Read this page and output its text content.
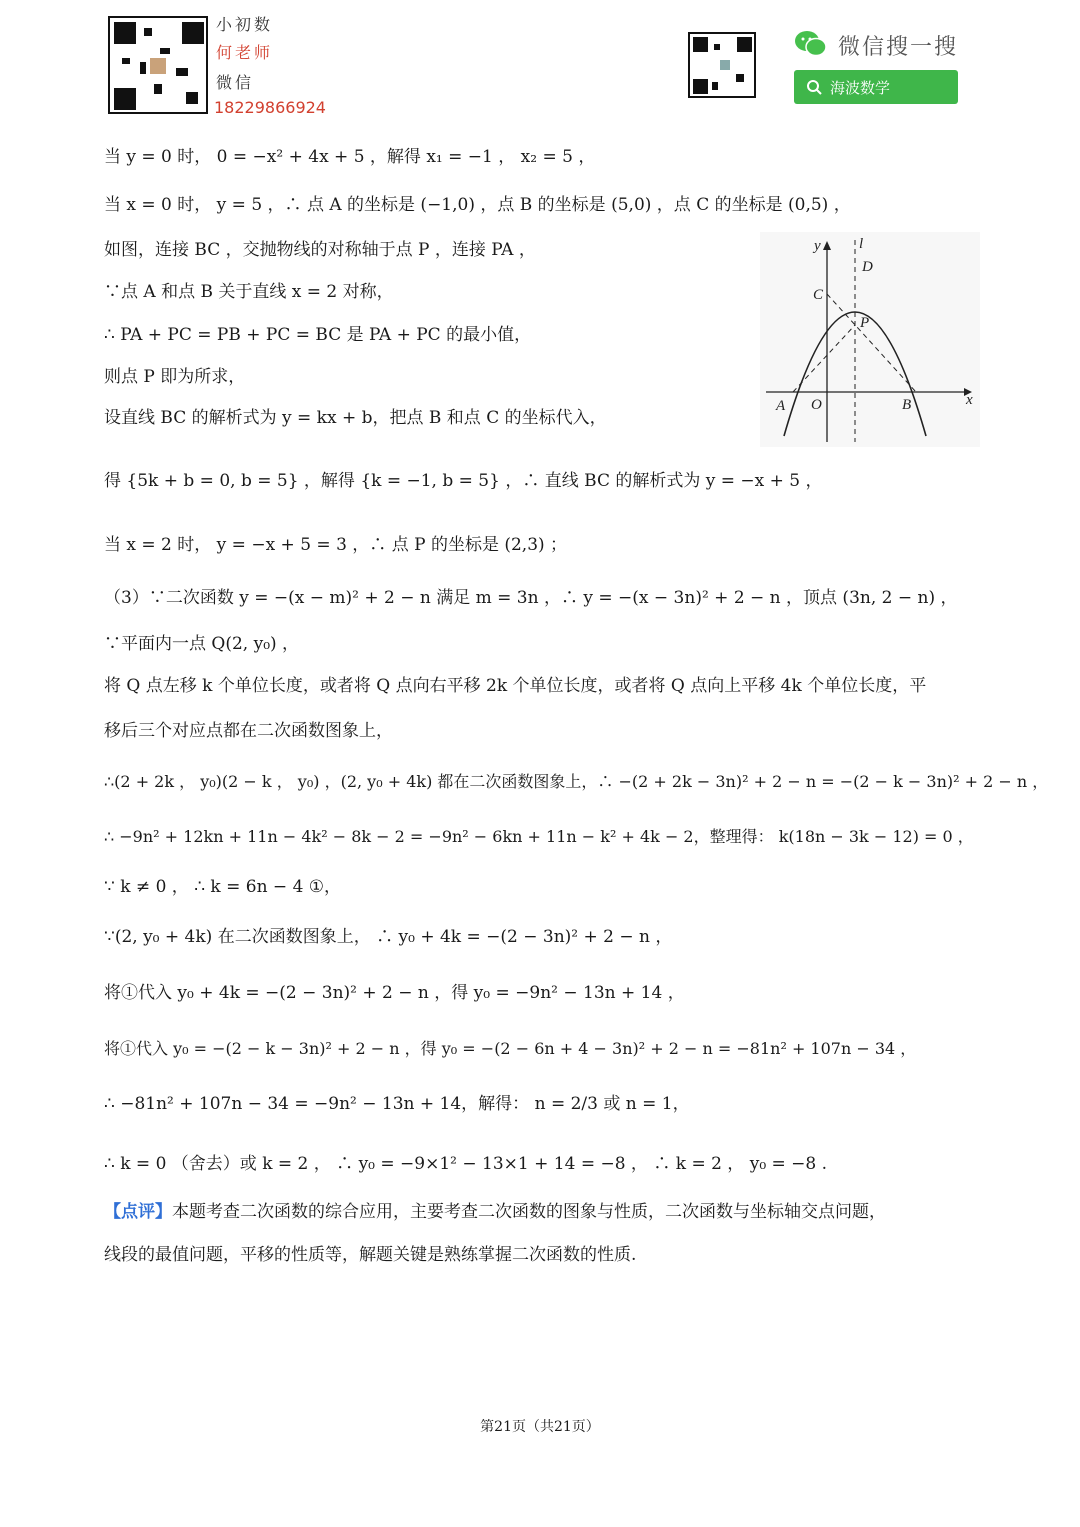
小初数
何老师
微信
18229866924
微信搜一搜
海波数学
当 y = 0 时， 0 = −x² + 4x + 5 ，解得 x₁ = −1 ， x₂ = 5 ，
当 x = 0 时， y = 5 ，∴ 点 A 的坐标是 (−1,0) ，点 B 的坐标是 (5,0) ，点 C 的坐标是 (0,5) ，
如图，连接 BC ，交抛物线的对称轴于点 P ，连接 PA ，
∵点 A 和点 B 关于直线 x = 2 对称，
∴ PA + PC = PB + PC = BC 是 PA + PC 的最小值，
则点 P 即为所求，
设直线 BC 的解析式为 y = kx + b，把点 B 和点 C 的坐标代入，
得 {5k + b = 0, b = 5} ，解得 {k = −1, b = 5} ，∴ 直线 BC 的解析式为 y = −x + 5 ，
当 x = 2 时， y = −x + 5 = 3 ，∴ 点 P 的坐标是 (2,3) ；
（3）∵二次函数 y = −(x − m)² + 2 − n 满足 m = 3n ，∴ y = −(x − 3n)² + 2 − n ，顶点 (3n, 2 − n) ，
∵平面内一点 Q(2, y₀) ，
将 Q 点左移 k 个单位长度，或者将 Q 点向右平移 2k 个单位长度，或者将 Q 点向上平移 4k 个单位长度，平
移后三个对应点都在二次函数图象上，
∴(2 + 2k ， y₀)(2 − k ， y₀) ，(2, y₀ + 4k) 都在二次函数图象上，∴ −(2 + 2k − 3n)² + 2 − n = −(2 − k − 3n)² + 2 − n ，
∴ −9n² + 12kn + 11n − 4k² − 8k − 2 = −9n² − 6kn + 11n − k² + 4k − 2，整理得： k(18n − 3k − 12) = 0 ，
∵ k ≠ 0 ， ∴ k = 6n − 4 ①，
∵(2, y₀ + 4k) 在二次函数图象上， ∴ y₀ + 4k = −(2 − 3n)² + 2 − n ，
将①代入 y₀ + 4k = −(2 − 3n)² + 2 − n ，得 y₀ = −9n² − 13n + 14 ，
将①代入 y₀ = −(2 − k − 3n)² + 2 − n ，得 y₀ = −(2 − 6n + 4 − 3n)² + 2 − n = −81n² + 107n − 34 ，
∴ −81n² + 107n − 34 = −9n² − 13n + 14，解得： n = 2/3 或 n = 1，
∴ k = 0 （舍去）或 k = 2 ， ∴ y₀ = −9×1² − 13×1 + 14 = −8 ， ∴ k = 2 ， y₀ = −8 .
【点评】本题考查二次函数的综合应用，主要考查二次函数的图象与性质，二次函数与坐标轴交点问题，
线段的最值问题，平移的性质等，解题关键是熟练掌握二次函数的性质.
y	l
D
C
P
A O	B	x
第21页（共21页）
